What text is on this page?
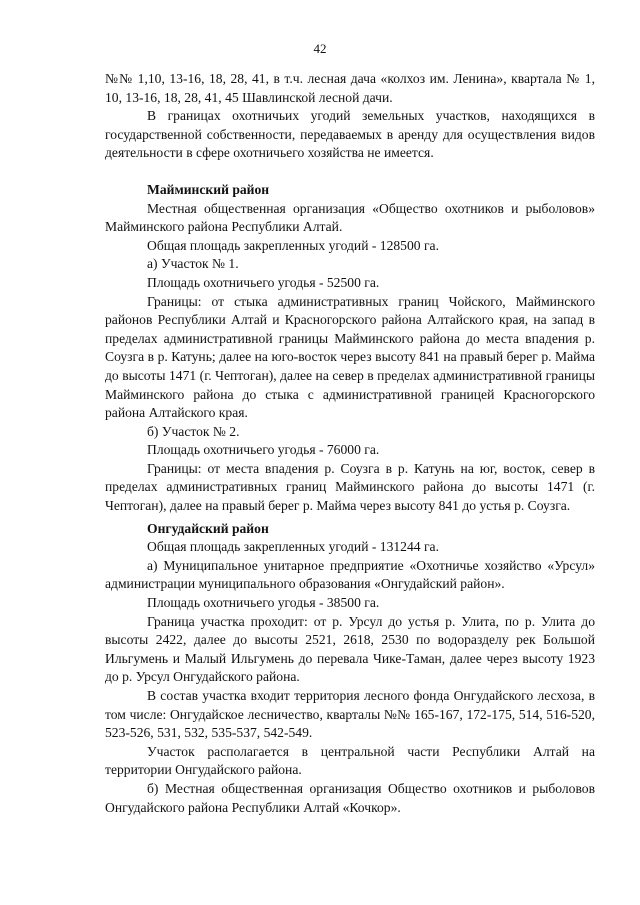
42

№№ 1,10, 13-16, 18, 28, 41, в т.ч. лесная дача «колхоз им. Ленина», квартала № 1, 10, 13-16, 18, 28, 41, 45 Шавлинской лесной дачи.

В границах охотничьих угодий земельных участков, находящихся в государственной собственности, передаваемых в аренду для осуществления видов деятельности в сфере охотничьего хозяйства не имеется.

Майминский район

Местная общественная организация «Общество охотников и рыболовов» Майминского района Республики Алтай.

Общая площадь закрепленных угодий - 128500 га.

а) Участок № 1.

Площадь охотничьего угодья - 52500 га.

Границы: от стыка административных границ Чойского, Майминского районов Республики Алтай и Красногорского района Алтайского края, на запад в пределах административной границы Майминского района до места впадения р. Соузга в р. Катунь; далее на юго-восток через высоту 841 на правый берег р. Майма до высоты 1471 (г. Чептоган), далее на север в пределах административной границы Майминского района до стыка с административной границей Красногорского района Алтайского края.

б) Участок № 2.

Площадь охотничьего угодья - 76000 га.

Границы: от места впадения р. Соузга в р. Катунь на юг, восток, север в пределах административных границ Майминского района до высоты 1471 (г. Чептоган), далее на правый берег р. Майма через высоту 841 до устья р. Соузга.

Онгудайский район

Общая площадь закрепленных угодий - 131244 га.

а) Муниципальное унитарное предприятие «Охотничье хозяйство «Урсул» администрации муниципального образования «Онгудайский район».

Площадь охотничьего угодья - 38500 га.

Граница участка проходит: от р. Урсул до устья р. Улита, по р. Улита до высоты 2422, далее до высоты 2521, 2618, 2530 по водоразделу рек Большой Ильгумень и Малый Ильгумень до перевала Чике-Таман, далее через высоту 1923 до р. Урсул Онгудайского района.

В состав участка входит территория лесного фонда Онгудайского лесхоза, в том числе: Онгудайское лесничество, кварталы №№ 165-167, 172-175, 514, 516-520, 523-526, 531, 532, 535-537, 542-549.

Участок располагается в центральной части Республики Алтай на территории Онгудайского района.

б) Местная общественная организация Общество охотников и рыболовов Онгудайского района Республики Алтай «Кочкор».
